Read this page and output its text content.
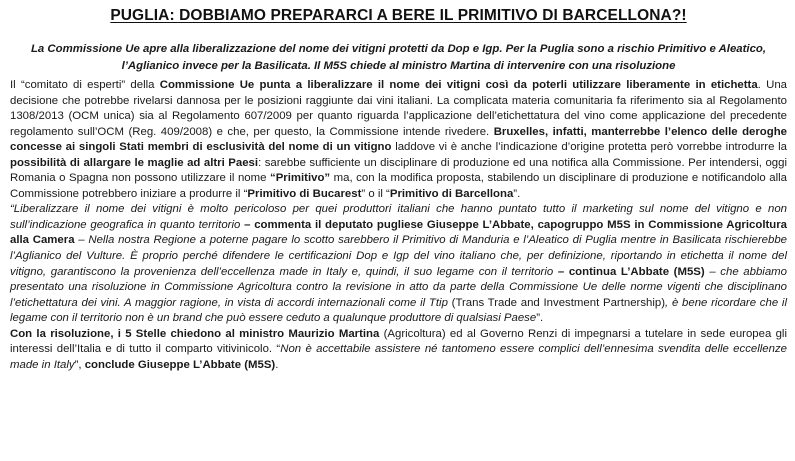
PUGLIA: DOBBIAMO PREPARARCI A BERE IL PRIMITIVO DI BARCELLONA?!
La Commissione Ue apre alla liberalizzazione del nome dei vitigni protetti da Dop e Igp. Per la Puglia sono a rischio Primitivo e Aleatico,
l’Aglianico invece per la Basilicata. Il M5S chiede al ministro Martina di intervenire con una risoluzione

Il “comitato di esperti” della Commissione Ue punta a liberalizzare il nome dei vitigni così da poterli utilizzare liberamente in etichetta. Una decisione che potrebbe rivelarsi dannosa per le posizioni raggiunte dai vini italiani. La complicata materia comunitaria fa riferimento sia al Regolamento 1308/2013 (OCM unica) sia al Regolamento 607/2009 per quanto riguarda l’applicazione dell’etichettatura del vino come applicazione del precedente regolamento sull’OCM (Reg. 409/2008) e che, per questo, la Commissione intende rivedere. Bruxelles, infatti, manterrebbe l’elenco delle deroghe concesse ai singoli Stati membri di esclusività del nome di un vitigno laddove vi è anche l’indicazione d’origine protetta però vorrebbe introdurre la possibilità di allargare le maglie ad altri Paesi: sarebbe sufficiente un disciplinare di produzione ed una notifica alla Commissione. Per intendersi, oggi Romania o Spagna non possono utilizzare il nome “Primitivo” ma, con la modifica proposta, stabilendo un disciplinare di produzione e notificandolo alla Commissione potrebbero iniziare a produrre il “Primitivo di Bucarest” o il “Primitivo di Barcellona”.

“Liberalizzare il nome dei vitigni è molto pericoloso per quei produttori italiani che hanno puntato tutto il marketing sul nome del vitigno e non sull’indicazione geografica in quanto territorio – commenta il deputato pugliese Giuseppe L’Abbate, capogruppo M5S in Commissione Agricoltura alla Camera – Nella nostra Regione a poterne pagare lo scotto sarebbero il Primitivo di Manduria e l’Aleatico di Puglia mentre in Basilicata rischierebbe l’Aglianico del Vulture. È proprio perché difendere le certificazioni Dop e Igp del vino italiano che, per definizione, riportando in etichetta il nome del vitigno, garantiscono la provenienza dell’eccellenza made in Italy e, quindi, il suo legame con il territorio – continua L’Abbate (M5S) – che abbiamo presentato una risoluzione in Commissione Agricoltura contro la revisione in atto da parte della Commissione Ue delle norme vigenti che disciplinano l’etichettatura dei vini. A maggior ragione, in vista di accordi internazionali come il Ttip (Trans Trade and Investment Partnership), è bene ricordare che il legame con il territorio non è un brand che può essere ceduto a qualunque produttore di qualsiasi Paese”.

Con la risoluzione, i 5 Stelle chiedono al ministro Maurizio Martina (Agricoltura) ed al Governo Renzi di impegnarsi a tutelare in sede europea gli interessi dell’Italia e di tutto il comparto vitivinicolo. “Non è accettabile assistere né tantomeno essere complici dell’ennesima svendita delle eccellenze made in Italy”, conclude Giuseppe L’Abbate (M5S).
